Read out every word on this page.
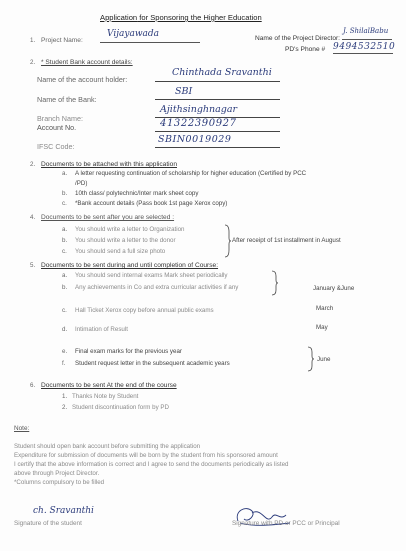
Application for Sponsoring the Higher Education
1. Project Name:
Vijayawada	Name of the Project Director:
J. ShilalBabu
PD's Phone # 9494532510
2. * Student Bank account details:
Name of the account holder:
Chinthada Sravanthi
Name of the Bank:
SBI
Branch Name:
Ajithsinghnagar
Account No.	41322390927
IFSC Code:
SBIN0019029
2. Documents to be attached with this application
a. A letter requesting continuation of scholarship for higher education (Certified by PCC
/PD)
b. 10th class/ polytechnic/Inter mark sheet copy
c. *Bank account details (Pass book 1st page Xerox copy)
4. Documents to be sent after you are selected :
a. You should write a letter to Organization
b. You should write a letter to the donor
c. You should send a full size photo
After receipt of 1st installment in August
5. Documents to be sent during and until completion of Course:
a. You should send internal exams Mark sheet periodically
b. Any achievements in Co and extra curricular activities if any	January &June
c. Hall Ticket Xerox copy before annual public exams	March
d. Intimation of Result	May
e. Final exam marks for the previous year
f. Student request letter in the subsequent academic years
June
6. Documents to be sent At the end of the course
1. Thanks Note by Student
2. Student discontinuation form by PD
Note:
Student should open bank account before submitting the application
Expenditure for submission of documents will be born by the student from his sponsored amount
I certify that the above information is correct and I agree to send the documents periodically as listed
above through Project Director.
*Columns compulsory to be filled
ch. Sravanthi
Signature of the student	Signature with PD or PCC or Principal
